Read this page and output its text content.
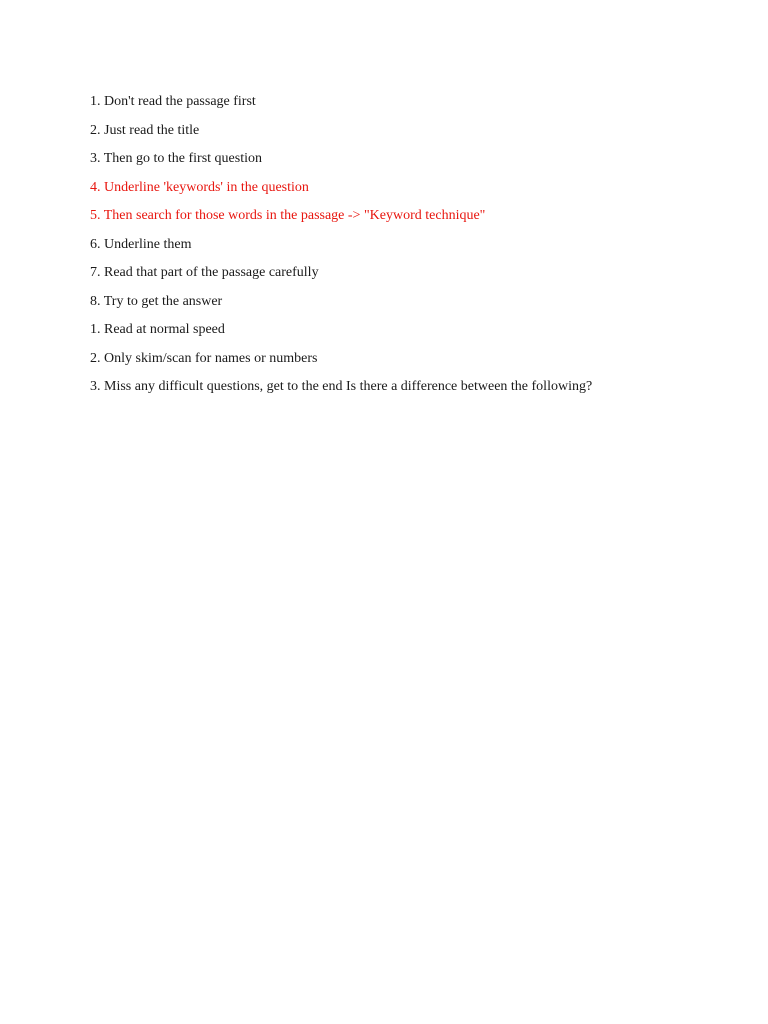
1. Don't read the passage first
2. Just read the title
3. Then go to the first question
4. Underline 'keywords' in the question
5. Then search for those words in the passage -> "Keyword technique"
6. Underline them
7. Read that part of the passage carefully
8. Try to get the answer
1. Read at normal speed
2. Only skim/scan for names or numbers
3. Miss any difficult questions, get to the end Is there a difference between the following?
